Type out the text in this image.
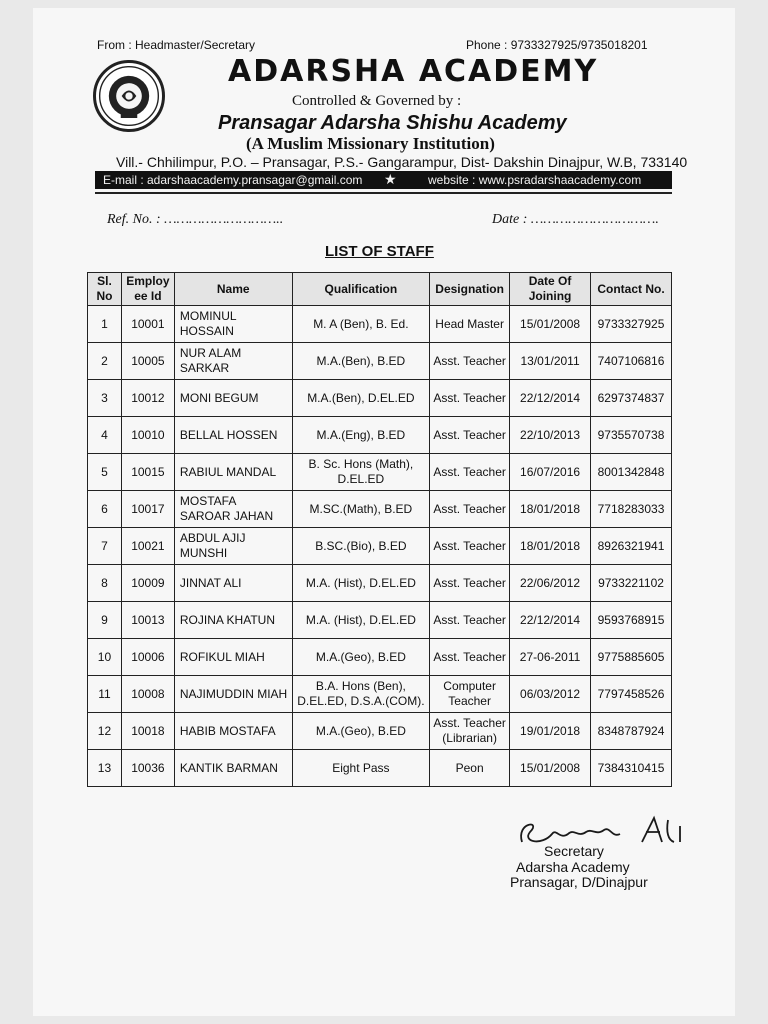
From : Headmaster/Secretary	Phone : 9733327925/9735018201
ADARSHA ACADEMY
Controlled & Governed by :
Pransagar Adarsha Shishu Academy
(A Muslim Missionary Institution)
Vill.- Chhilimpur, P.O. – Pransagar, P.S.- Gangarampur, Dist- Dakshin Dinajpur, W.B, 733140
E-mail : adarshaacademy.pransagar@gmail.com ★	website : www.psradarshaacademy.com
Ref. No. : ………………………..	Date : ………………………….
LIST OF STAFF
Sl. No	Employ ee Id	Name	Qualification	Designation	Date Of Joining	Contact No.
1	10001	MOMINUL HOSSAIN	M. A (Ben), B. Ed.	Head Master	15/01/2008	9733327925
2	10005	NUR ALAM SARKAR	M.A.(Ben), B.ED	Asst. Teacher	13/01/2011	7407106816
3	10012	MONI BEGUM	M.A.(Ben), D.EL.ED	Asst. Teacher	22/12/2014	6297374837
4	10010	BELLAL HOSSEN	M.A.(Eng), B.ED	Asst. Teacher	22/10/2013	9735570738
5	10015	RABIUL MANDAL	B. Sc. Hons (Math), D.EL.ED	Asst. Teacher	16/07/2016	8001342848
6	10017	MOSTAFA SAROAR JAHAN	M.SC.(Math), B.ED	Asst. Teacher	18/01/2018	7718283033
7	10021	ABDUL AJIJ MUNSHI	B.SC.(Bio), B.ED	Asst. Teacher	18/01/2018	8926321941
8	10009	JINNAT ALI	M.A. (Hist), D.EL.ED	Asst. Teacher	22/06/2012	9733221102
9	10013	ROJINA KHATUN	M.A. (Hist), D.EL.ED	Asst. Teacher	22/12/2014	9593768915
10	10006	ROFIKUL MIAH	M.A.(Geo), B.ED	Asst. Teacher	27-06-2011	9775885605
11	10008	NAJIMUDDIN MIAH	B.A. Hons (Ben), D.EL.ED, D.S.A.(COM).	Computer Teacher	06/03/2012	7797458526
12	10018	HABIB MOSTAFA	M.A.(Geo), B.ED	Asst. Teacher (Librarian)	19/01/2018	8348787924
13	10036	KANTIK BARMAN	Eight Pass	Peon	15/01/2008	7384310415
Secretary
Adarsha Academy
Pransagar, D/Dinajpur
